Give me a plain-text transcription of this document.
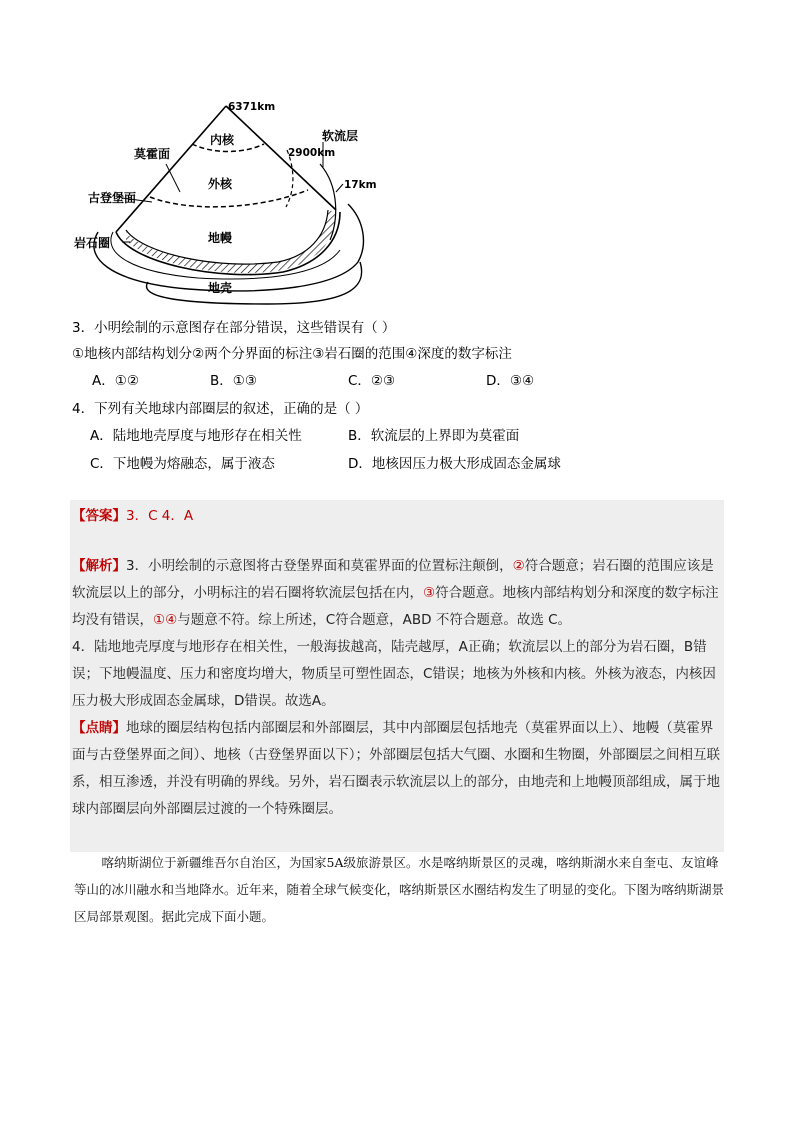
6371km
内核
莫霍面
软流层
2900km
外核	17km
古登堡面
地幔
岩石圈
地壳
3．小明绘制的示意图存在部分错误，这些错误有（ ）
①地核内部结构划分②两个分界面的标注③岩石圈的范围④深度的数字标注
A．①②	B．①③	C．②③	D．③④
4．下列有关地球内部圈层的叙述，正确的是（ ）
A．陆地地壳厚度与地形存在相关性	B．软流层的上界即为莫霍面
C．下地幔为熔融态，属于液态	D．地核因压力极大形成固态金属球
【答案】3．C 4．A

【解析】3．小明绘制的示意图将古登堡界面和莫霍界面的位置标注颠倒，②符合题意；岩石圈的范围应该是软流层以上的部分，小明标注的岩石圈将软流层包括在内，③符合题意。地核内部结构划分和深度的数字标注均没有错误，①④与题意不符。综上所述，C符合题意，ABD 不符合题意。故选 C。

4．陆地地壳厚度与地形存在相关性，一般海拔越高，陆壳越厚，A正确；软流层以上的部分为岩石圈，B错误；下地幔温度、压力和密度均增大，物质呈可塑性固态，C错误；地核为外核和内核。外核为液态，内核因压力极大形成固态金属球，D错误。故选A。

【点睛】地球的圈层结构包括内部圈层和外部圈层，其中内部圈层包括地壳（莫霍界面以上）、地幔（莫霍界面与古登堡界面之间）、地核（古登堡界面以下）；外部圈层包括大气圈、水圈和生物圈，外部圈层之间相互联系，相互渗透，并没有明确的界线。另外，岩石圈表示软流层以上的部分，由地壳和上地幔顶部组成，属于地球内部圈层向外部圈层过渡的一个特殊圈层。

喀纳斯湖位于新疆维吾尔自治区，为国家5A级旅游景区。水是喀纳斯景区的灵魂，喀纳斯湖水来自奎屯、友谊峰等山的冰川融水和当地降水。近年来，随着全球气候变化，喀纳斯景区水圈结构发生了明显的变化。下图为喀纳斯湖景区局部景观图。据此完成下面小题。
